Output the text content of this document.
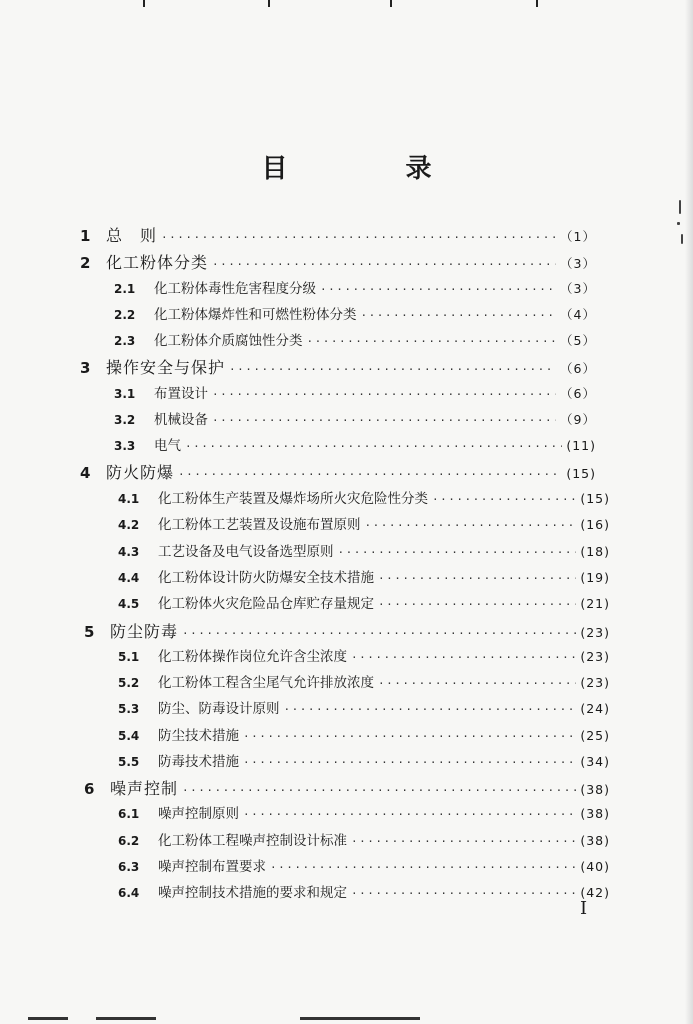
目　录
1 总　则 ·····	（1）
2 化工粉体分类 ·····	（3）
2.1	化工粉体毒性危害程度分级 ·····	（3）
2.2	化工粉体爆炸性和可燃性粉体分类 ·····	（4）
2.3	化工粉体介质腐蚀性分类 ·····	（5）
3 操作安全与保护 ·····	（6）
3.1	布置设计 ·····	（6）
3.2	机械设备 ·····	（9）
3.3	电气 ·····	(11)
4 防火防爆 ·····	(15)
4.1	化工粉体生产装置及爆炸场所火灾危险性分类 ·····	(15)
4.2	化工粉体工艺装置及设施布置原则 ·····	(16)
4.3	工艺设备及电气设备选型原则 ·····	(18)
4.4	化工粉体设计防火防爆安全技术措施 ·····	(19)
4.5	化工粉体火灾危险品仓库贮存量规定 ·····	(21)
5 防尘防毒 ·····	(23)
5.1	化工粉体操作岗位允许含尘浓度 ·····	(23)
5.2	化工粉体工程含尘尾气允许排放浓度 ·····	(23)
5.3	防尘、防毒设计原则 ·····	(24)
5.4	防尘技术措施 ·····	(25)
5.5	防毒技术措施 ·····	(34)
6 噪声控制 ·····	(38)
6.1	噪声控制原则 ·····	(38)
6.2	化工粉体工程噪声控制设计标准 ·····	(38)
6.3	噪声控制布置要求 ·····	(40)
6.4	噪声控制技术措施的要求和规定 ·····	(42)
I
